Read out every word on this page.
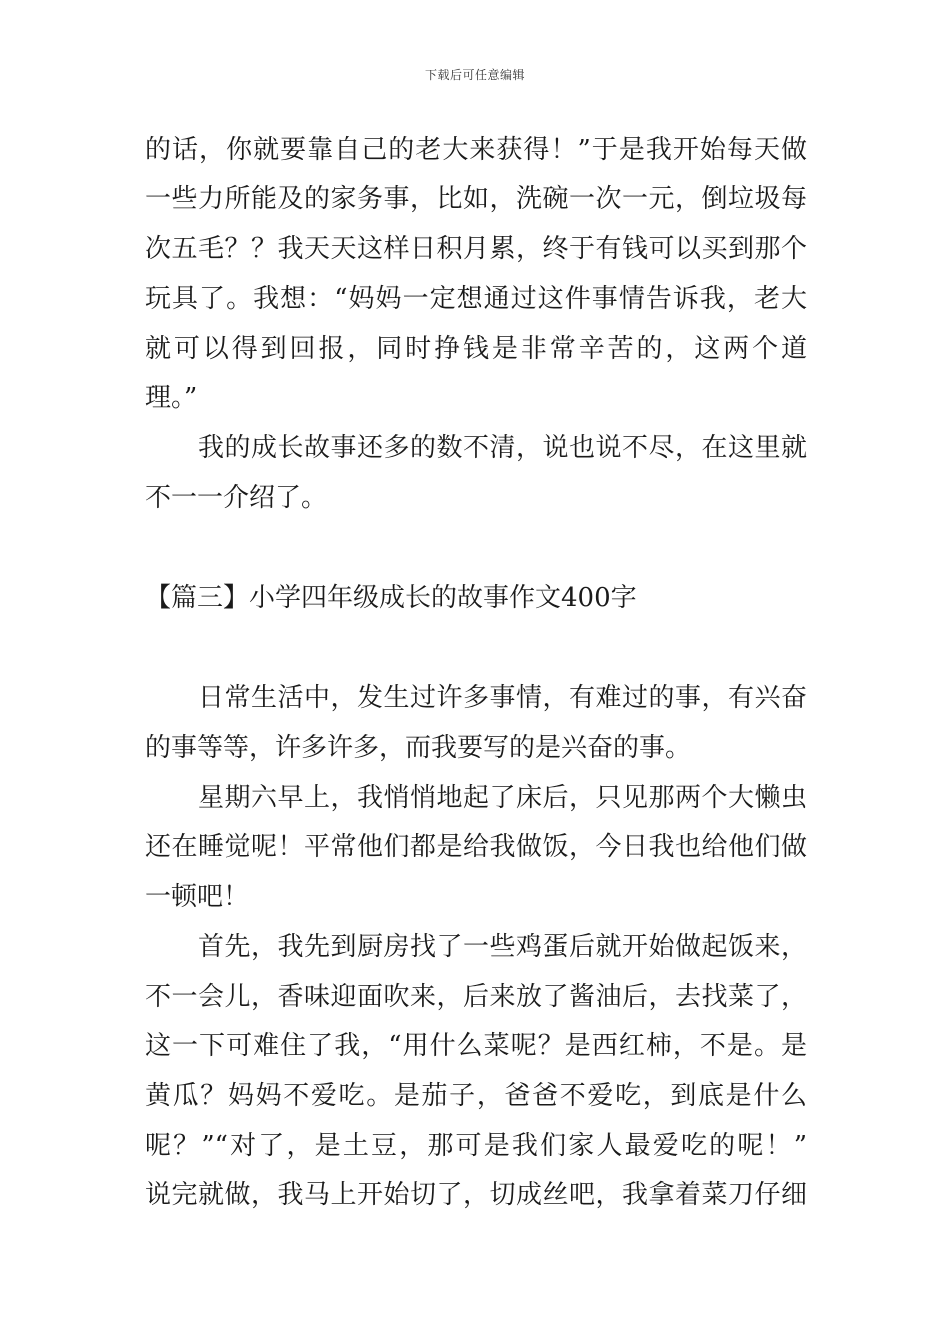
下载后可任意编辑
的话，你就要靠自己的老大来获得！”于是我开始每天做
一些力所能及的家务事，比如，洗碗一次一元，倒垃圾每
次五毛？？我天天这样日积月累，终于有钱可以买到那个
玩具了。我想：“妈妈一定想通过这件事情告诉我，老大
就可以得到回报，同时挣钱是非常辛苦的，这两个道
理。”
我的成长故事还多的数不清，说也说不尽，在这里就
不一一介绍了。
【篇三】小学四年级成长的故事作文400字
日常生活中，发生过许多事情，有难过的事，有兴奋
的事等等，许多许多，而我要写的是兴奋的事。
星期六早上，我悄悄地起了床后，只见那两个大懒虫
还在睡觉呢！平常他们都是给我做饭，今日我也给他们做
一顿吧！
首先，我先到厨房找了一些鸡蛋后就开始做起饭来，
不一会儿，香味迎面吹来，后来放了酱油后，去找菜了，
这一下可难住了我，“用什么菜呢？是西红柿，不是。是
黄瓜？妈妈不爱吃。是茄子，爸爸不爱吃，到底是什么
呢？”“对了，是土豆，那可是我们家人最爱吃的呢！”
说完就做，我马上开始切了，切成丝吧，我拿着菜刀仔细
